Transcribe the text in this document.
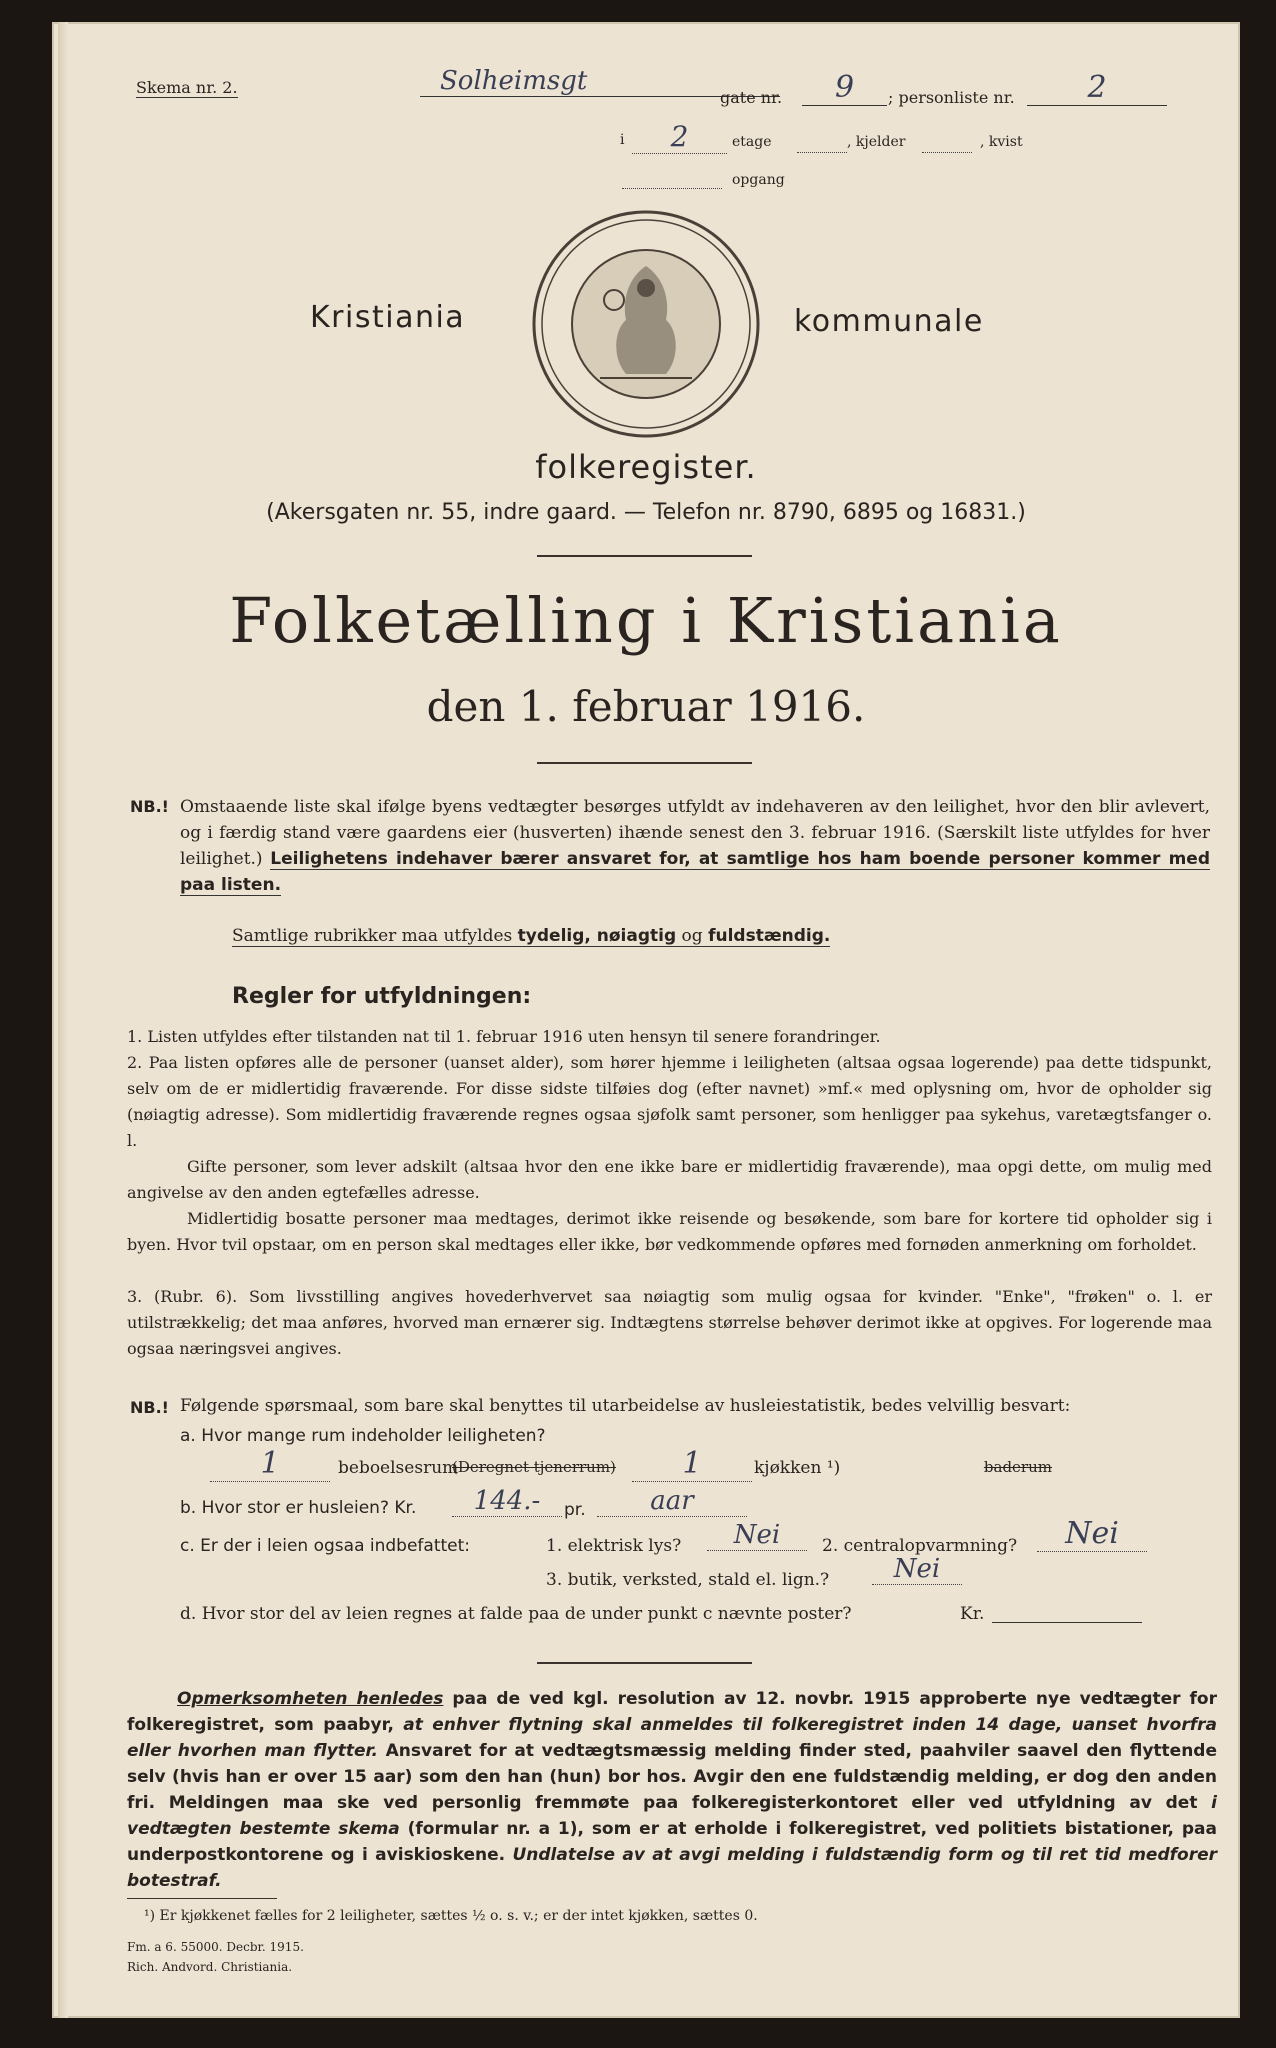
Skema nr. 2.	Solheimsgt
gate nr.	9	; personliste nr.	2
i	2	etage	, kjelder	, kvist
opgang
Kristiania	kommunale
folkeregister.
(Akersgaten nr. 55, indre gaard. — Telefon nr. 8790, 6895 og 16831.)
Folketælling i Kristiania
den 1. februar 1916.
NB.! Omstaaende liste skal ifølge byens vedtægter besørges utfyldt av indehaveren av den leilighet, hvor den blir avlevert, og i færdig stand være gaardens eier (husverten) ihænde senest den 3. februar 1916. (Særskilt liste utfyldes for hver leilighet.) Leilighetens indehaver bærer ansvaret for, at samtlige hos ham boende personer kommer med paa listen.
Samtlige rubrikker maa utfyldes tydelig, nøiagtig og fuldstændig.
Regler for utfyldningen:
1. Listen utfyldes efter tilstanden nat til 1. februar 1916 uten hensyn til senere forandringer.
2. Paa listen opføres alle de personer (uanset alder), som hører hjemme i leiligheten (altsaa ogsaa logerende) paa dette tidspunkt, selv om de er midlertidig fraværende. For disse sidste tilføies dog (efter navnet) »mf.« med oplysning om, hvor de opholder sig (nøiagtig adresse). Som midlertidig fraværende regnes ogsaa sjøfolk samt personer, som henligger paa sykehus, varetægtsfanger o. l.
Gifte personer, som lever adskilt (altsaa hvor den ene ikke bare er midlertidig fraværende), maa opgi dette, om mulig med angivelse av den anden egtefælles adresse.
Midlertidig bosatte personer maa medtages, derimot ikke reisende og besøkende, som bare for kortere tid opholder sig i byen. Hvor tvil opstaar, om en person skal medtages eller ikke, bør vedkommende opføres med fornøden anmerkning om forholdet.
3. (Rubr. 6). Som livsstilling angives hovederhvervet saa nøiagtig som mulig ogsaa for kvinder. "Enke", "frøken" o. l. er utilstrækkelig; det maa anføres, hvorved man ernærer sig. Indtægtens størrelse behøver derimot ikke at opgives. For logerende maa ogsaa næringsvei angives.
NB.! Følgende spørsmaal, som bare skal benyttes til utarbeidelse av husleiestatistik, bedes velvillig besvart:
a. Hvor mange rum indeholder leiligheten?
1	beboelsesrum
(Deregnet tjenerrum)	1	kjøkken ¹)	baderum
b. Hvor stor er husleien? Kr.	144.-	pr.	aar
c. Er der i leien ogsaa indbefattet:	1. elektrisk lys?	Nei	2. centralopvarmning?	Nei
3. butik, verksted, stald el. lign.?	Nei
d. Hvor stor del av leien regnes at falde paa de under punkt c nævnte poster?	Kr.
Opmerksomheten henledes paa de ved kgl. resolution av 12. novbr. 1915 approberte nye vedtægter for folkeregistret, som paabyr, at enhver flytning skal anmeldes til folkeregistret inden 14 dage, uanset hvorfra eller hvorhen man flytter. Ansvaret for at vedtægtsmæssig melding finder sted, paahviler saavel den flyttende selv (hvis han er over 15 aar) som den han (hun) bor hos. Avgir den ene fuldstændig melding, er dog den anden fri. Meldingen maa ske ved personlig fremmøte paa folkeregisterkontoret eller ved utfyldning av det i vedtægten bestemte skema (formular nr. a 1), som er at erholde i folkeregistret, ved politiets bistationer, paa underpostkontorene og i aviskioskene. Undlatelse av at avgi melding i fuldstændig form og til ret tid medforer botestraf.
¹) Er kjøkkenet fælles for 2 leiligheter, sættes ½ o. s. v.; er der intet kjøkken, sættes 0.
Fm. a 6. 55000. Decbr. 1915.
Rich. Andvord. Christiania.
